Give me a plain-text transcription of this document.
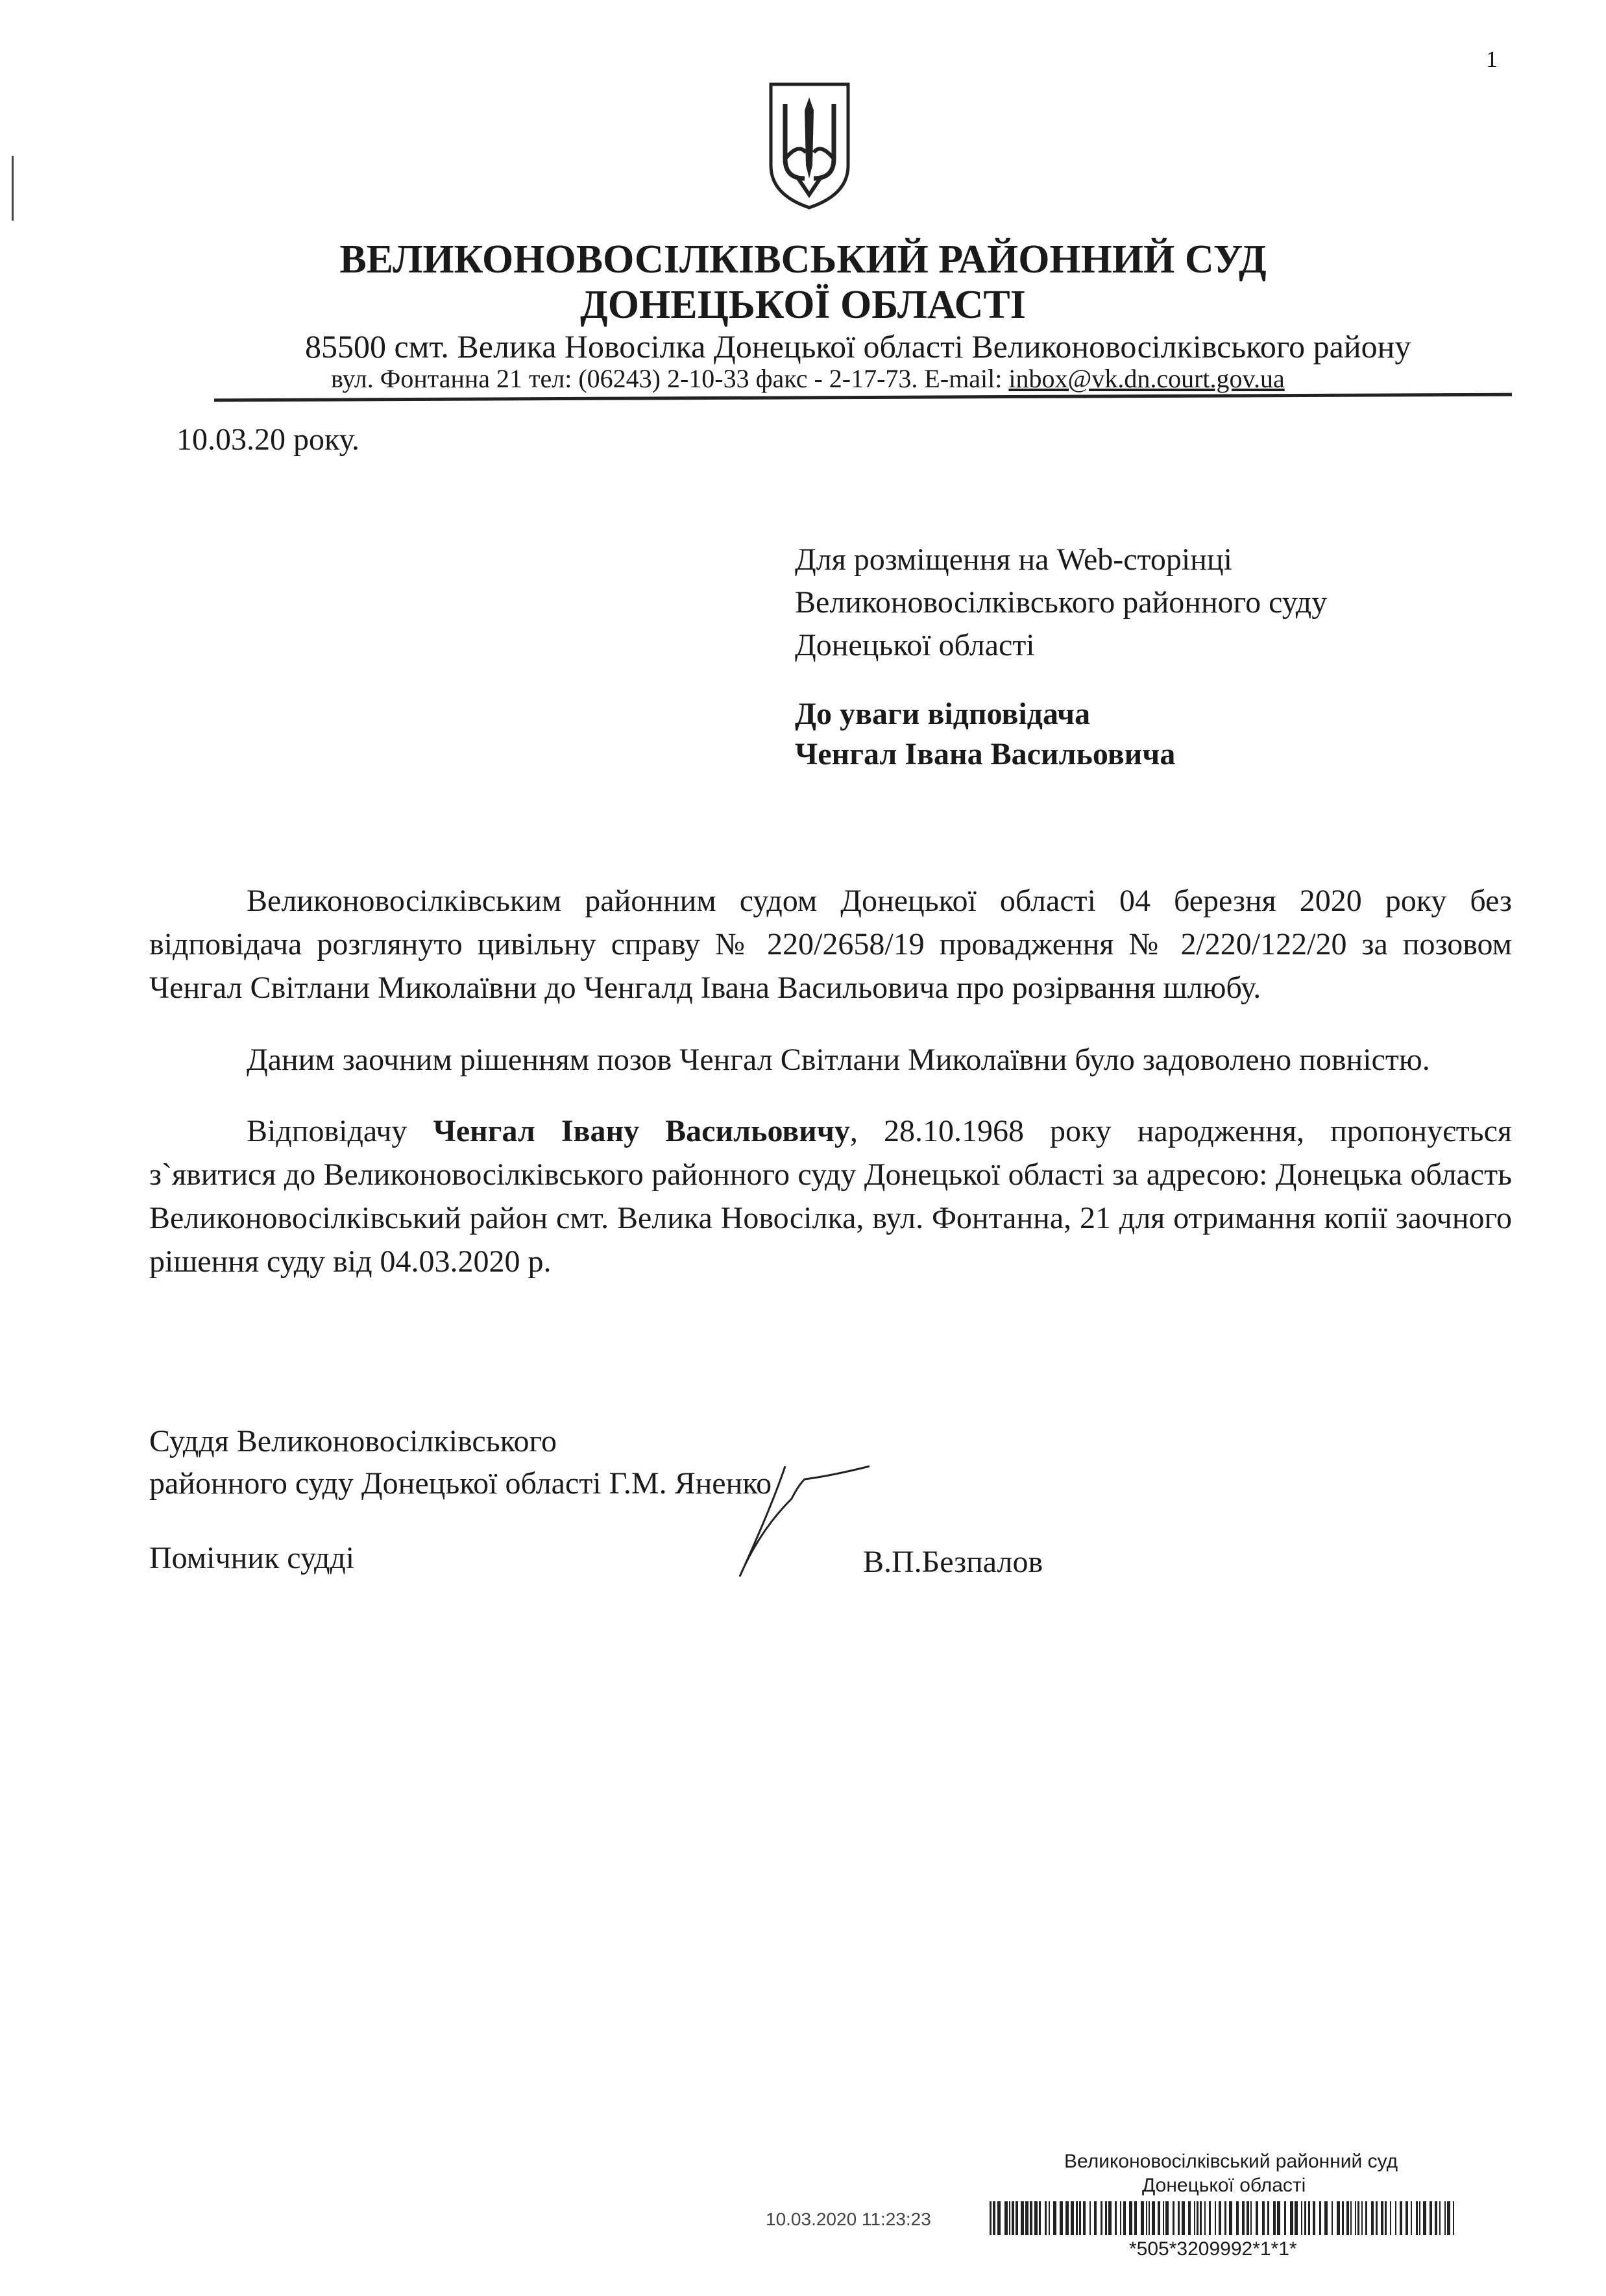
1
ВЕЛИКОНОВОСІЛКІВСЬКИЙ РАЙОННИЙ СУД
ДОНЕЦЬКОЇ ОБЛАСТІ
85500 смт. Велика Новосілка Донецької області Великоновосілківського району
вул. Фонтанна 21 тел: (06243) 2-10-33 факс - 2-17-73. E-mail: inbox@vk.dn.court.gov.ua
10.03.20 року.
Для розміщення на Web-сторінці
Великоновосілківського районного суду
Донецької області
До уваги відповідача
Ченгал Івана Васильовича
Великоновосілківським районним судом Донецької області 04 березня 2020 року без відповідача розглянуто цивільну справу № 220/2658/19 провадження № 2/220/122/20 за позовом Ченгал Світлани Миколаївни до Ченгалд Івана Васильовича про розірвання шлюбу.
Даним заочним рішенням позов Ченгал Світлани Миколаївни було задоволено повністю.
Відповідачу Ченгал Івану Васильовичу, 28.10.1968 року народження, пропонується з`явитися до Великоновосілківського районного суду Донецької області за адресою: Донецька область Великоновосілківський район смт. Велика Новосілка, вул. Фонтанна, 21 для отримання копії заочного рішення суду від 04.03.2020 р.
Суддя Великоновосілківського
районного суду Донецької області Г.М. Яненко
Помічник судді	В.П.Безпалов
Великоновосілківський районний суд
Донецької області
10.03.2020 11:23:23
*505*3209992*1*1*
